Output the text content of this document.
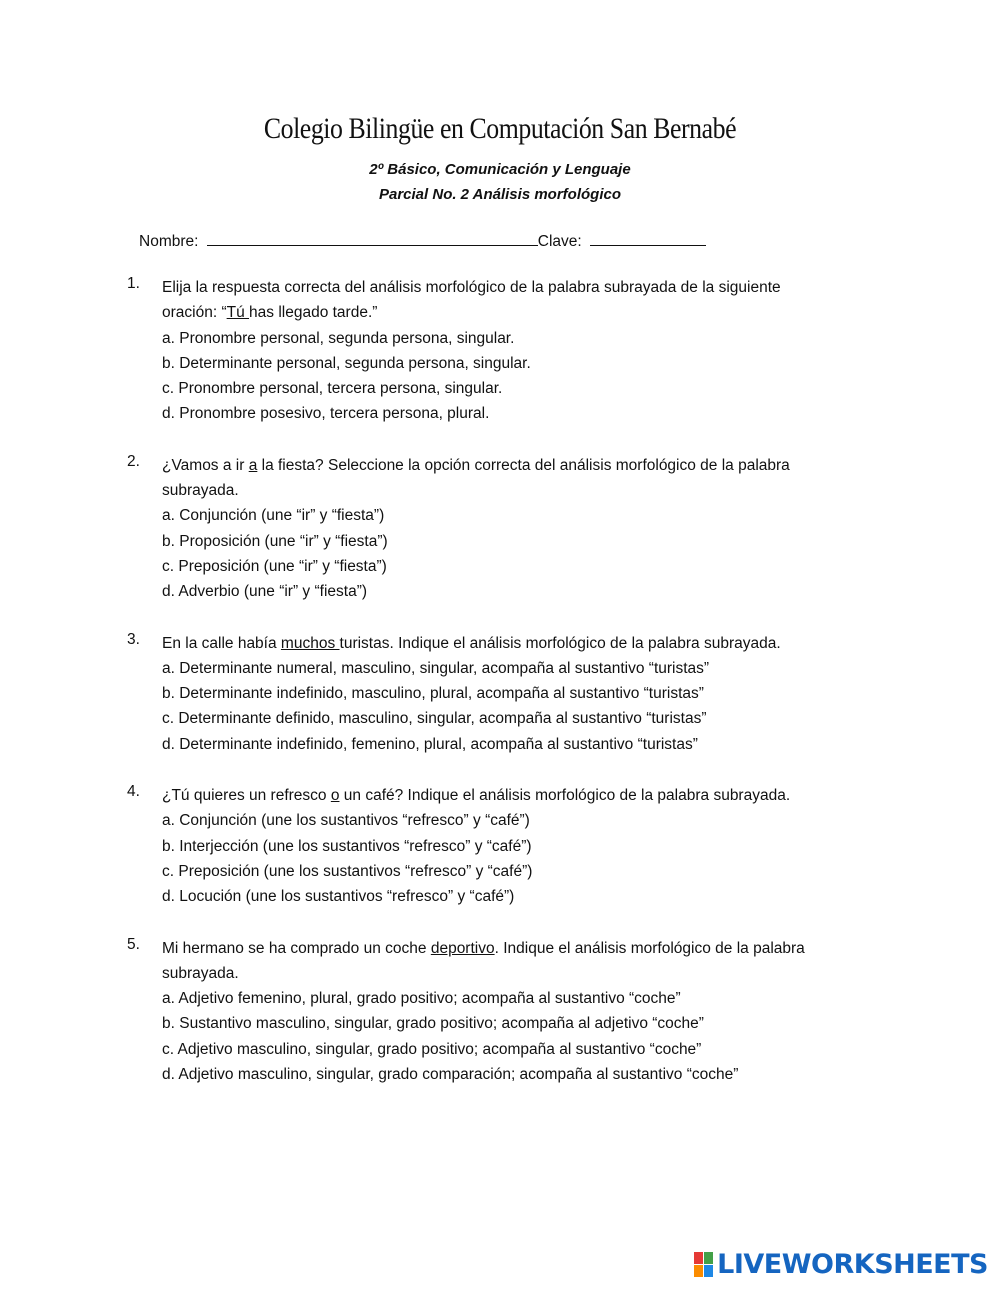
Colegio Bilingüe en Computación San Bernabé
2º Básico, Comunicación y Lenguaje
Parcial No. 2 Análisis morfológico
Nombre:	Clave:
1.	Elija la respuesta correcta del análisis morfológico de la palabra subrayada de la siguiente
oración: “Tú has llegado tarde.”
a. Pronombre personal, segunda persona, singular.
b. Determinante personal, segunda persona, singular.
c. Pronombre personal, tercera persona, singular.
d. Pronombre posesivo, tercera persona, plural.
2.	¿Vamos a ir a la fiesta? Seleccione la opción correcta del análisis morfológico de la palabra
subrayada.
a. Conjunción (une “ir” y “fiesta”)
b. Proposición (une “ir” y “fiesta”)
c. Preposición (une “ir” y “fiesta”)
d. Adverbio (une “ir” y “fiesta”)
3.	En la calle había muchos turistas. Indique el análisis morfológico de la palabra subrayada.
a. Determinante numeral, masculino, singular, acompaña al sustantivo “turistas”
b. Determinante indefinido, masculino, plural, acompaña al sustantivo “turistas”
c. Determinante definido, masculino, singular, acompaña al sustantivo “turistas”
d. Determinante indefinido, femenino, plural, acompaña al sustantivo “turistas”
4.	¿Tú quieres un refresco o un café? Indique el análisis morfológico de la palabra subrayada.
a. Conjunción (une los sustantivos “refresco” y “café”)
b. Interjección (une los sustantivos “refresco” y “café”)
c. Preposición (une los sustantivos “refresco” y “café”)
d. Locución (une los sustantivos “refresco” y “café”)
5.	Mi hermano se ha comprado un coche deportivo. Indique el análisis morfológico de la palabra
subrayada.
a. Adjetivo femenino, plural, grado positivo; acompaña al sustantivo “coche”
b. Sustantivo masculino, singular, grado positivo; acompaña al adjetivo “coche”
c. Adjetivo masculino, singular, grado positivo; acompaña al sustantivo “coche”
d. Adjetivo masculino, singular, grado comparación; acompaña al sustantivo “coche”
LIVEWORKSHEETS
